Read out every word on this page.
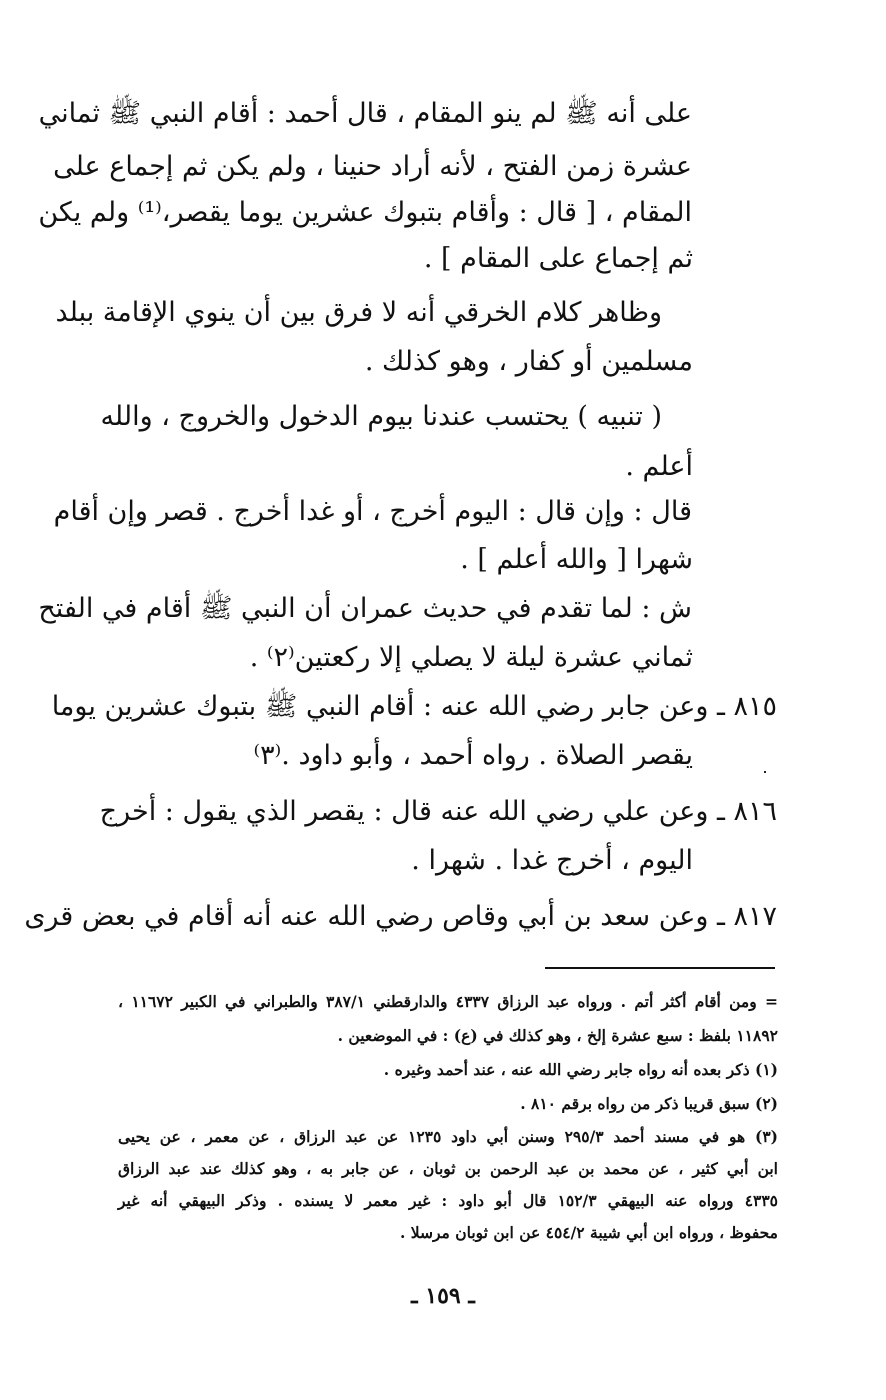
على أنه ﷺ لم ينو المقام ، قال أحمد : أقام النبي ﷺ ثماني
عشرة زمن الفتح ، لأنه أراد حنينا ، ولم يكن ثم إجماع على
المقام ، [ قال : وأقام بتبوك عشرين يوما يقصر،⁽¹⁾ ولم يكن
ثم إجماع على المقام ] .
وظاهر كلام الخرقي أنه لا فرق بين أن ينوي الإقامة ببلد
مسلمين أو كفار ، وهو كذلك .
( تنبيه ) يحتسب عندنا بيوم الدخول والخروج ، والله
أعلم .
قال : وإن قال : اليوم أخرج ، أو غدا أخرج . قصر وإن أقام
شهرا [ والله أعلم ] .
ش : لما تقدم في حديث عمران أن النبي ﷺ أقام في الفتح
ثماني عشرة ليلة لا يصلي إلا ركعتين⁽٢⁾ .
٨١٥ ـ وعن جابر رضي الله عنه : أقام النبي ﷺ بتبوك عشرين يوما
يقصر الصلاة . رواه أحمد ، وأبو داود .⁽٣⁾
٨١٦ ـ وعن علي رضي الله عنه قال : يقصر الذي يقول : أخرج
اليوم ، أخرج غدا . شهرا .
٨١٧ ـ وعن سعد بن أبي وقاص رضي الله عنه أنه أقام في بعض قرى
= ومن أقام أكثر أتم . ورواه عبد الرزاق ٤٣٣٧ والدارقطني ٣٨٧/١ والطبراني في الكبير ١١٦٧٢ ،
١١٨٩٢ بلفظ : سبع عشرة إلخ ، وهو كذلك في (ع) : في الموضعين .
(١) ذكر بعده أنه رواه جابر رضي الله عنه ، عند أحمد وغيره .
(٢) سبق قريبا ذكر من رواه برقم ٨١٠ .
(٣) هو في مسند أحمد ٢٩٥/٣ وسنن أبي داود ١٢٣٥ عن عبد الرزاق ، عن معمر ، عن يحيى
ابن أبي كثير ، عن محمد بن عبد الرحمن بن ثوبان ، عن جابر به ، وهو كذلك عند عبد الرزاق
٤٣٣٥ ورواه عنه البيهقي ١٥٢/٣ قال أبو داود : غير معمر لا يسنده . وذكر البيهقي أنه غير
محفوظ ، ورواه ابن أبي شيبة ٤٥٤/٢ عن ابن ثوبان مرسلا .
ـ ١٥٩ ـ
